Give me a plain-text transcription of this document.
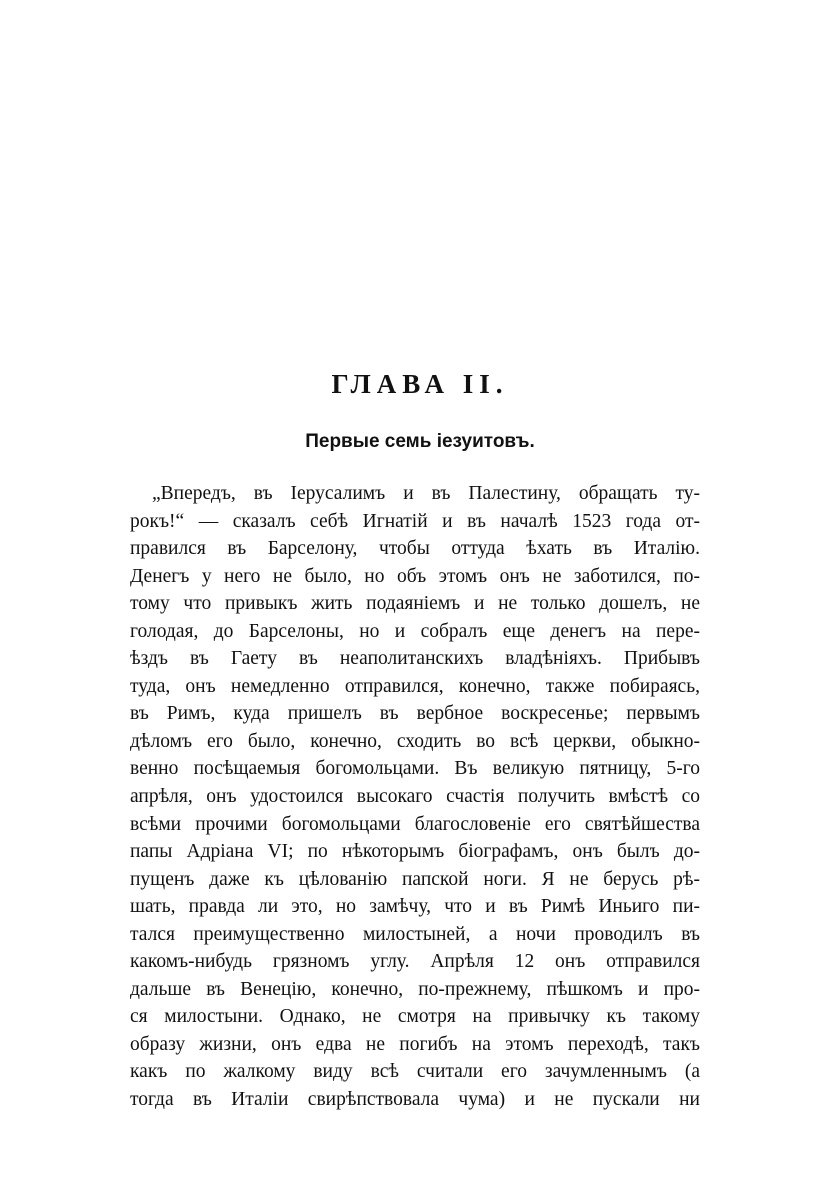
ГЛАВА II.
Первые семь іезуитовъ.
„Впередъ, въ Іерусалимъ и въ Палестину, обращать ту-
рокъ!“ — сказалъ себѣ Игнатій и въ началѣ 1523 года от-
правился въ Барселону, чтобы оттуда ѣхать въ Италію.
Денегъ у него не было, но объ этомъ онъ не заботился, по-
тому что привыкъ жить подаяніемъ и не только дошелъ, не
голодая, до Барселоны, но и собралъ еще денегъ на пере-
ѣздъ въ Гаету въ неаполитанскихъ владѣніяхъ. Прибывъ
туда, онъ немедленно отправился, конечно, также побираясь,
въ Римъ, куда пришелъ въ вербное воскресенье; первымъ
дѣломъ его было, конечно, сходить во всѣ церкви, обыкно-
венно посѣщаемыя богомольцами. Въ великую пятницу, 5-го
апрѣля, онъ удостоился высокаго счастія получить вмѣстѣ со
всѣми прочими богомольцами благословеніе его святѣйшества
папы Адріана VI; по нѣкоторымъ біографамъ, онъ былъ до-
пущенъ даже къ цѣлованію папской ноги. Я не берусь рѣ-
шать, правда ли это, но замѣчу, что и въ Римѣ Иньиго пи-
тался преимущественно милостыней, а ночи проводилъ въ
какомъ-нибудь грязномъ углу. Апрѣля 12 онъ отправился
дальше въ Венецію, конечно, по-прежнему, пѣшкомъ и про-
ся милостыни. Однако, не смотря на привычку къ такому
образу жизни, онъ едва не погибъ на этомъ переходѣ, такъ
какъ по жалкому виду всѣ считали его зачумленнымъ (а
тогда въ Италіи свирѣпствовала чума) и не пускали ни
